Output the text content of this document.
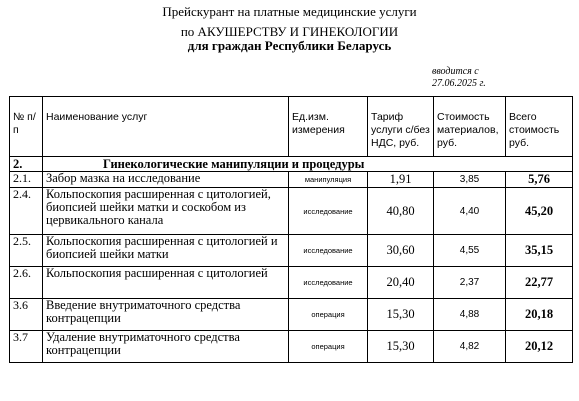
Прейскурант на платные медицинские услуги
по АКУШЕРСТВУ И ГИНЕКОЛОГИИ
для граждан Республики Беларусь
вводится с
27.06.2025 г.
№ п/п	Наименование услуг	Ед.изм. измерения	Тариф услуги с/без НДС, руб.	Стоимость материалов, руб.	Всего стоимость руб.
2.	Гинекологические манипуляции и процедуры				
2.1.	Забор мазка на исследование	манипуляция	1,91	3,85	5,76
2.4.	Кольпоскопия расширенная с цитологией, биопсией шейки матки и соскобом из цервикального канала	исследование	40,80	4,40	45,20
2.5.	Кольпоскопия расширенная с цитологией и биопсией шейки матки	исследование	30,60	4,55	35,15
2.6.	Кольпоскопия расширенная с цитологией	исследование	20,40	2,37	22,77
3.6	Введение внутриматочного средства контрацепции	операция	15,30	4,88	20,18
3.7	Удаление внутриматочного средства контрацепции	операция	15,30	4,82	20,12
